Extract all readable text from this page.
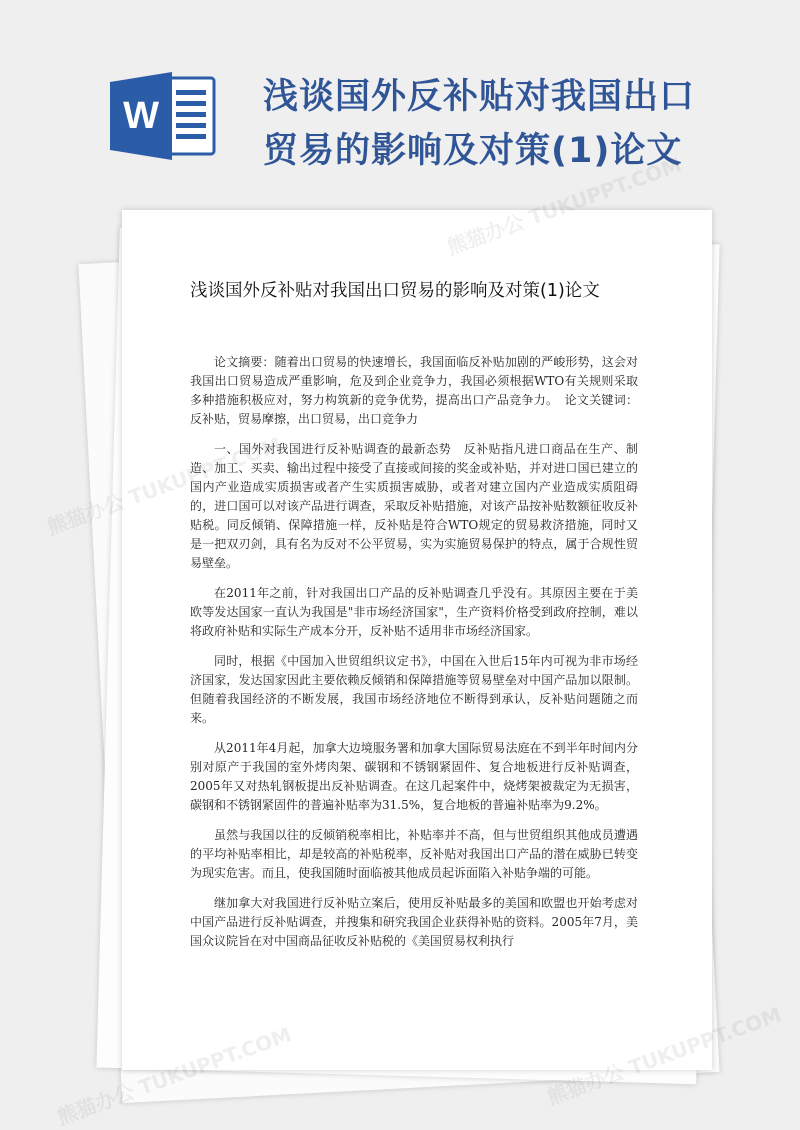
W	浅谈国外反补贴对我国出口贸易的影响及对策(1)论文
浅谈国外反补贴对我国出口贸易的影响及对策(1)论文

论文摘要：随着出口贸易的快速增长，我国面临反补贴加剧的严峻形势，这会对我国出口贸易造成严重影响，危及到企业竞争力，我国必须根据WTO有关规则采取多种措施积极应对，努力构筑新的竞争优势，提高出口产品竞争力。　论文关键词：反补贴，贸易摩擦，出口贸易，出口竞争力

一、国外对我国进行反补贴调查的最新态势　反补贴指凡进口商品在生产、制造、加工、买卖、输出过程中接受了直接或间接的奖金或补贴，并对进口国已建立的国内产业造成实质损害或者产生实质损害威胁，或者对建立国内产业造成实质阻碍的，进口国可以对该产品进行调查，采取反补贴措施，对该产品按补贴数额征收反补贴税。同反倾销、保障措施一样，反补贴是符合WTO规定的贸易救济措施，同时又是一把双刃剑，具有名为反对不公平贸易，实为实施贸易保护的特点，属于合规性贸易壁垒。

在2011年之前，针对我国出口产品的反补贴调查几乎没有。其原因主要在于美欧等发达国家一直认为我国是"非市场经济国家"，生产资料价格受到政府控制，难以将政府补贴和实际生产成本分开，反补贴不适用非市场经济国家。

同时，根据《中国加入世贸组织议定书》，中国在入世后15年内可视为非市场经济国家，发达国家因此主要依赖反倾销和保障措施等贸易壁垒对中国产品加以限制。但随着我国经济的不断发展，我国市场经济地位不断得到承认，反补贴问题随之而来。

从2011年4月起，加拿大边境服务署和加拿大国际贸易法庭在不到半年时间内分别对原产于我国的室外烤肉架、碳钢和不锈钢紧固件、复合地板进行反补贴调查，2005年又对热轧钢板提出反补贴调查。在这几起案件中，烧烤架被裁定为无损害，碳钢和不锈钢紧固件的普遍补贴率为31.5%，复合地板的普遍补贴率为9.2%。

虽然与我国以往的反倾销税率相比，补贴率并不高，但与世贸组织其他成员遭遇的平均补贴率相比，却是较高的补贴税率，反补贴对我国出口产品的潜在威胁已转变为现实危害。而且，使我国随时面临被其他成员起诉面陷入补贴争端的可能。

继加拿大对我国进行反补贴立案后，使用反补贴最多的美国和欧盟也开始考虑对中国产品进行反补贴调查，并搜集和研究我国企业获得补贴的资料。2005年7月，美国众议院旨在对中国商品征收反补贴税的《美国贸易权利执行

熊猫办公 TUKUPPT.COM
熊猫办公
熊猫办公	熊猫办公
